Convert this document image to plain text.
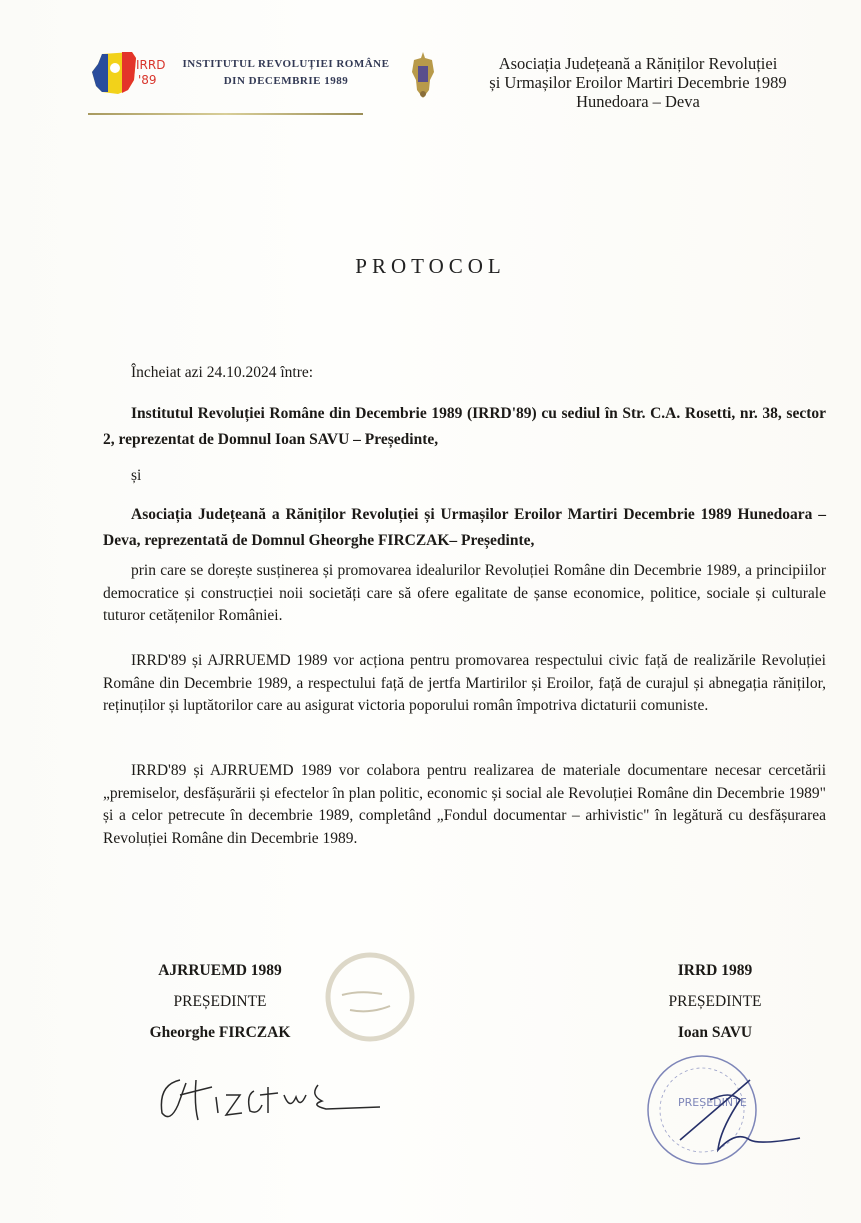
IRRD
'89
INSTITUTUL REVOLUȚIEI ROMÂNE
DIN DECEMBRIE 1989
Asociația Județeană a Răniților Revoluției
și Urmașilor Eroilor Martiri Decembrie 1989
Hunedoara – Deva
PROTOCOL
Încheiat azi 24.10.2024 între:
Institutul Revoluției Române din Decembrie 1989 (IRRD'89) cu sediul în Str. C.A. Rosetti, nr. 38, sector 2, reprezentat de Domnul Ioan SAVU – Președinte,
și
Asociația Județeană a Răniților Revoluției și Urmașilor Eroilor Martiri Decembrie 1989 Hunedoara – Deva, reprezentată de Domnul Gheorghe FIRCZAK– Președinte,
prin care se dorește susținerea și promovarea idealurilor Revoluției Române din Decembrie 1989, a principiilor democratice și construcției noii societăți care să ofere egalitate de șanse economice, politice, sociale și culturale tuturor cetățenilor României.
IRRD'89 și AJRRUEMD 1989 vor acționa pentru promovarea respectului civic față de realizările Revoluției Române din Decembrie 1989, a respectului față de jertfa Martirilor și Eroilor, față de curajul și abnegația răniților, reținuților și luptătorilor care au asigurat victoria poporului român împotriva dictaturii comuniste.
IRRD'89 și AJRRUEMD 1989 vor colabora pentru realizarea de materiale documentare necesar cercetării „premiselor, desfășurării și efectelor în plan politic, economic și social ale Revoluției Române din Decembrie 1989" și a celor petrecute în decembrie 1989, completând „Fondul documentar – arhivistic" în legătură cu desfășurarea Revoluției Române din Decembrie 1989.
AJRRUEMD 1989
PREȘEDINTE
Gheorghe FIRCZAK
IRRD 1989
PREȘEDINTE
Ioan SAVU
PREȘEDINTE
